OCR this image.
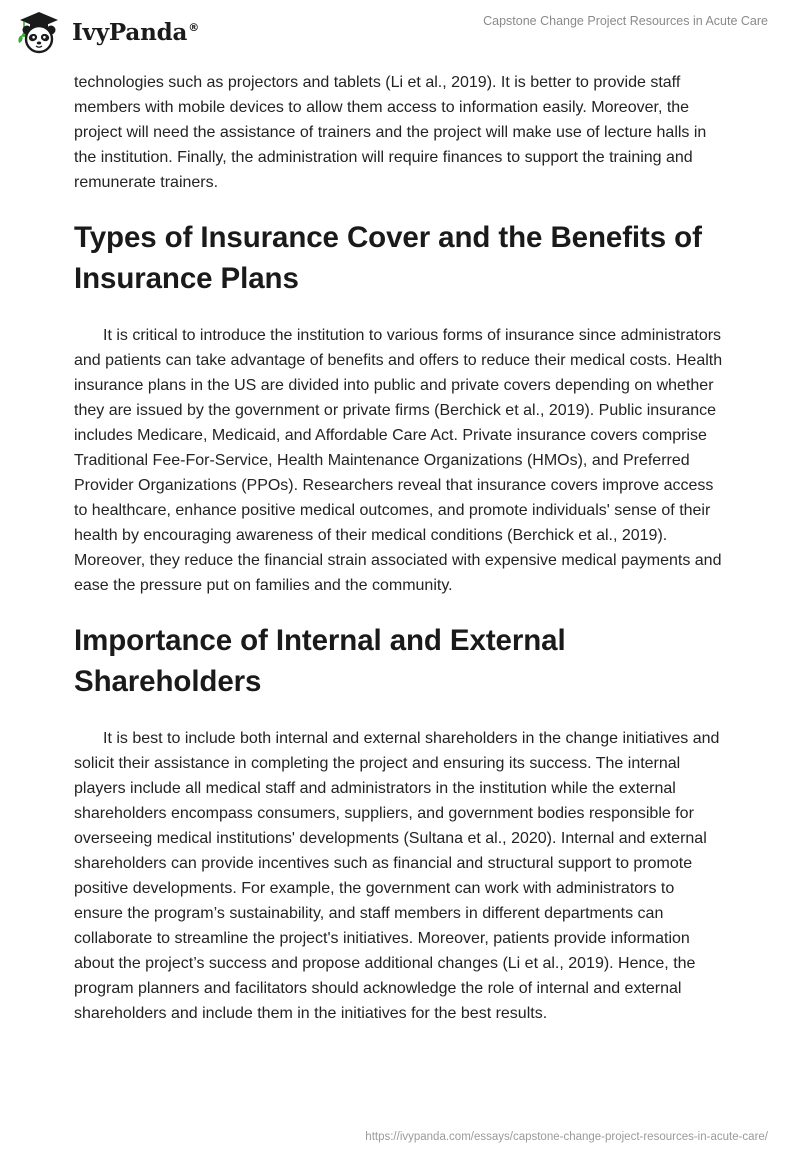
IvyPanda®	Capstone Change Project Resources in Acute Care

technologies such as projectors and tablets (Li et al., 2019). It is better to provide staff members with mobile devices to allow them access to information easily. Moreover, the project will need the assistance of trainers and the project will make use of lecture halls in the institution. Finally, the administration will require finances to support the training and remunerate trainers.

Types of Insurance Cover and the Benefits of Insurance Plans

It is critical to introduce the institution to various forms of insurance since administrators and patients can take advantage of benefits and offers to reduce their medical costs. Health insurance plans in the US are divided into public and private covers depending on whether they are issued by the government or private firms (Berchick et al., 2019). Public insurance includes Medicare, Medicaid, and Affordable Care Act. Private insurance covers comprise Traditional Fee-For-Service, Health Maintenance Organizations (HMOs), and Preferred Provider Organizations (PPOs). Researchers reveal that insurance covers improve access to healthcare, enhance positive medical outcomes, and promote individuals' sense of their health by encouraging awareness of their medical conditions (Berchick et al., 2019). Moreover, they reduce the financial strain associated with expensive medical payments and ease the pressure put on families and the community.

Importance of Internal and External Shareholders

It is best to include both internal and external shareholders in the change initiatives and solicit their assistance in completing the project and ensuring its success. The internal players include all medical staff and administrators in the institution while the external shareholders encompass consumers, suppliers, and government bodies responsible for overseeing medical institutions' developments (Sultana et al., 2020). Internal and external shareholders can provide incentives such as financial and structural support to promote positive developments. For example, the government can work with administrators to ensure the program’s sustainability, and staff members in different departments can collaborate to streamline the project's initiatives. Moreover, patients provide information about the project’s success and propose additional changes (Li et al., 2019). Hence, the program planners and facilitators should acknowledge the role of internal and external shareholders and include them in the initiatives for the best results.

https://ivypanda.com/essays/capstone-change-project-resources-in-acute-care/
